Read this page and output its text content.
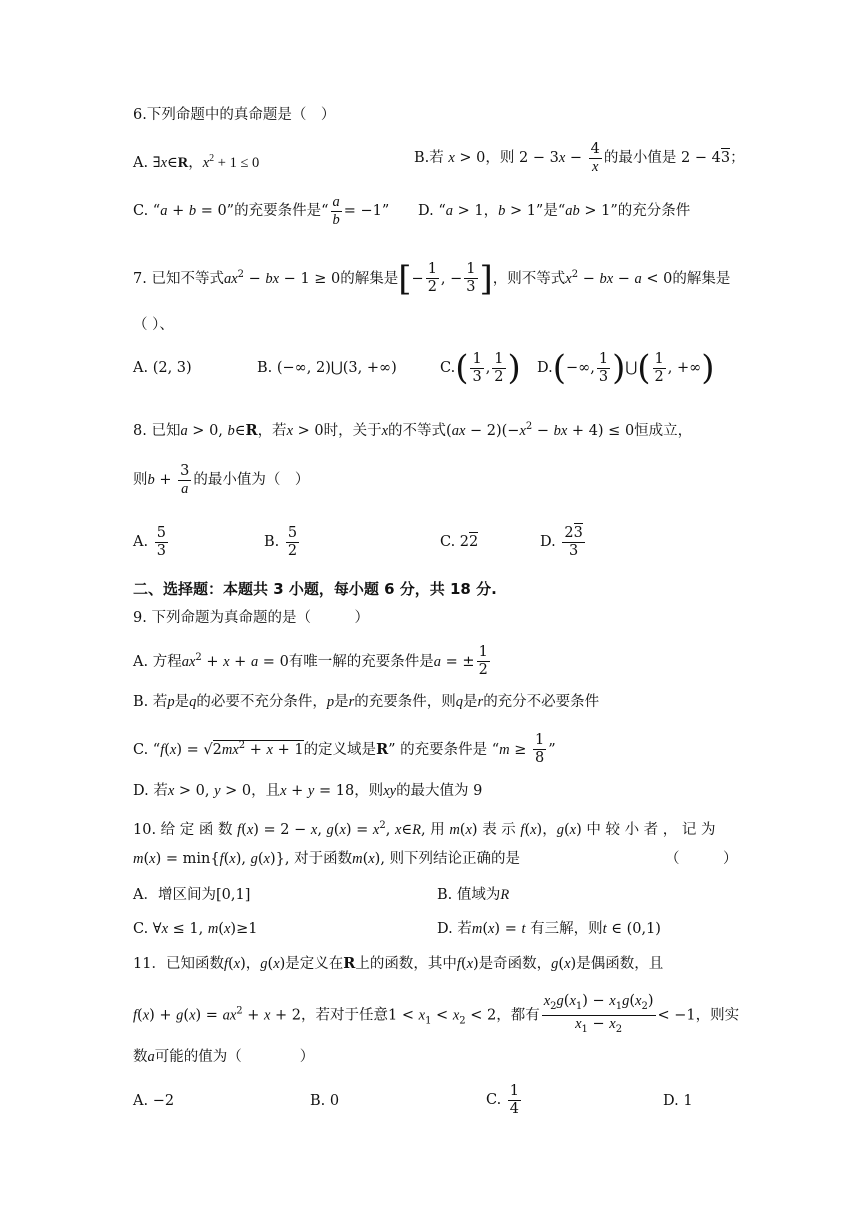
6.下列命题中的真命题是（　）
A. ∃x∈R，$x^2 + 1 \le 0$	B.若 x > 0，则 $2 - 3x - \frac{4}{x}$ 的最小值是 2 − 43；
C. “a + b = 0”的充要条件是“ $\frac{a}{b} = -1$” D. “a > 1，b > 1”是“ab > 1”的充分条件
7. 已知不等式$ax^2$ − bx − 1 ≥ 0的解集是[− $\frac{1}{2}$ , − $\frac{1}{3}$ ]，则不等式$x^2$ − bx − a < 0的解集是
（ ）、
A. (2, 3)	B. (−∞, 2)⋃(3, +∞)	$C.( \frac{1}{3}$ , $\frac{1}{2}$ ) D.(−∞, $\frac{1}{3}$ )⋃( $\frac{1}{2}$ , +∞)
8. 已知a > 0, b∈R，若x > 0时，关于x的不等式$(ax - 2)(-x^2$ − bx + 4) ≤ 0恒成立，
则$b + \frac{3}{a}$ 的最小值为（　）
A. $\frac{5}{3}$	B. $\frac{5}{2}$	C. 22	D. $\frac{23}{3}$
二、选择题：本题共 3 小题，每小题 6 分，共 18 分.
9. 下列命题为真命题的是（　　　）
A. 方程$ax^2 + x + a = 0$有唯一解的充要条件是a = ± $\frac{1}{2}$
B. 若p是q的必要不充分条件，p是r的充要条件，则q是r的充分不必要条件
C. “$f(x) = √2mx^2 + x + 1$的定义域是R” 的充要条件是 “$m \ge \frac{1}{8}$ ”
D. 若x > 0, y > 0，且x + y = 18，则xy的最大值为 9
10. 给 定 函 数 f(x) = 2 − x, $g(x) = x^2$, x∈R, 用 m(x) 表 示 f(x)，g(x) 中 较 小 者 ， 记 为
m(x) = min{f(x), g(x)}, 对于函数m(x), 则下列结论正确的是	（　　　）
A．增区间为[0,1]	B. 值域为R
C. ∀x ≤ 1, m(x)≥1	D. 若m(x) = t 有三解，则t ∈ (0,1)
11．已知函数f(x)，g(x)是定义在R上的函数，其中f(x)是奇函数，g(x)是偶函数，且
$f(x) + g(x) = ax^2 + x + 2$，若对于任意$1 < x_1 < x_2 < 2$，都有 $\frac{x_2g(x_1) - x_1g(x_2)}{x_1 - x_2} < -1$，则实
数a可能的值为（　　　　）
A. −2	B. 0	C. $\frac{1}{4}$	D. 1
